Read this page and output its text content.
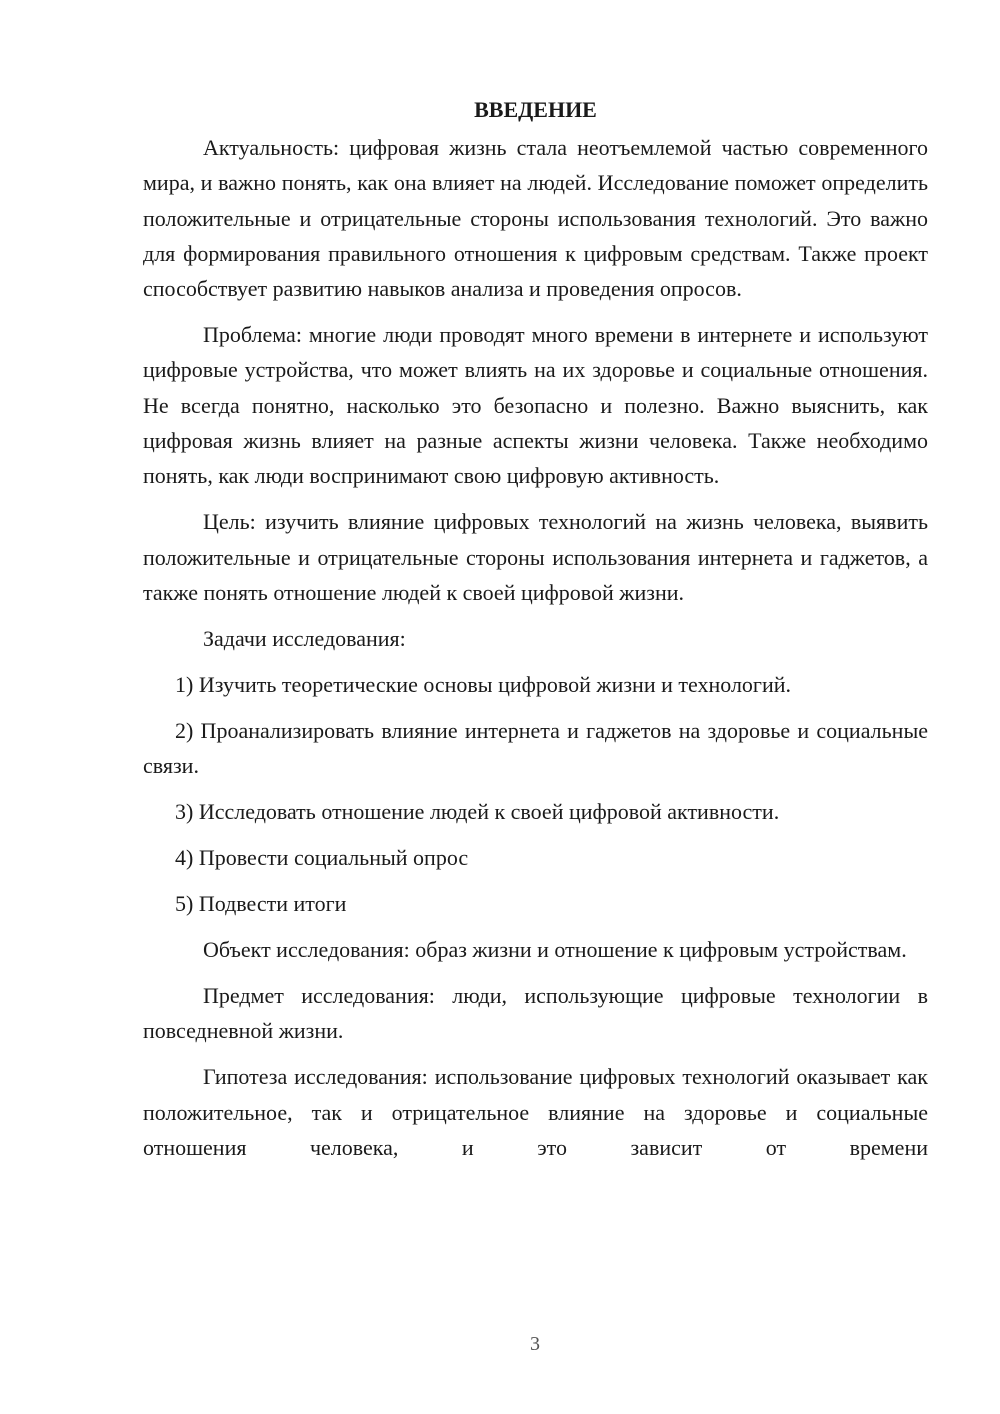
ВВЕДЕНИЕ

Актуальность: цифровая жизнь стала неотъемлемой частью современного мира, и важно понять, как она влияет на людей. Исследование поможет определить положительные и отрицательные стороны использования технологий. Это важно для формирования правильного отношения к цифровым средствам. Также проект способствует развитию навыков анализа и проведения опросов.

Проблема: многие люди проводят много времени в интернете и используют цифровые устройства, что может влиять на их здоровье и социальные отношения. Не всегда понятно, насколько это безопасно и полезно. Важно выяснить, как цифровая жизнь влияет на разные аспекты жизни человека. Также необходимо понять, как люди воспринимают свою цифровую активность.

Цель: изучить влияние цифровых технологий на жизнь человека, выявить положительные и отрицательные стороны использования интернета и гаджетов, а также понять отношение людей к своей цифровой жизни.

Задачи исследования:

1) Изучить теоретические основы цифровой жизни и технологий.

2) Проанализировать влияние интернета и гаджетов на здоровье и социальные связи.

3) Исследовать отношение людей к своей цифровой активности.

4) Провести социальный опрос

5) Подвести итоги

Объект исследования: образ жизни и отношение к цифровым устройствам.

Предмет исследования: люди, использующие цифровые технологии в повседневной жизни.

Гипотеза исследования: использование цифровых технологий оказывает как положительное, так и отрицательное влияние на здоровье и социальные отношения человека, и это зависит от времени

3
